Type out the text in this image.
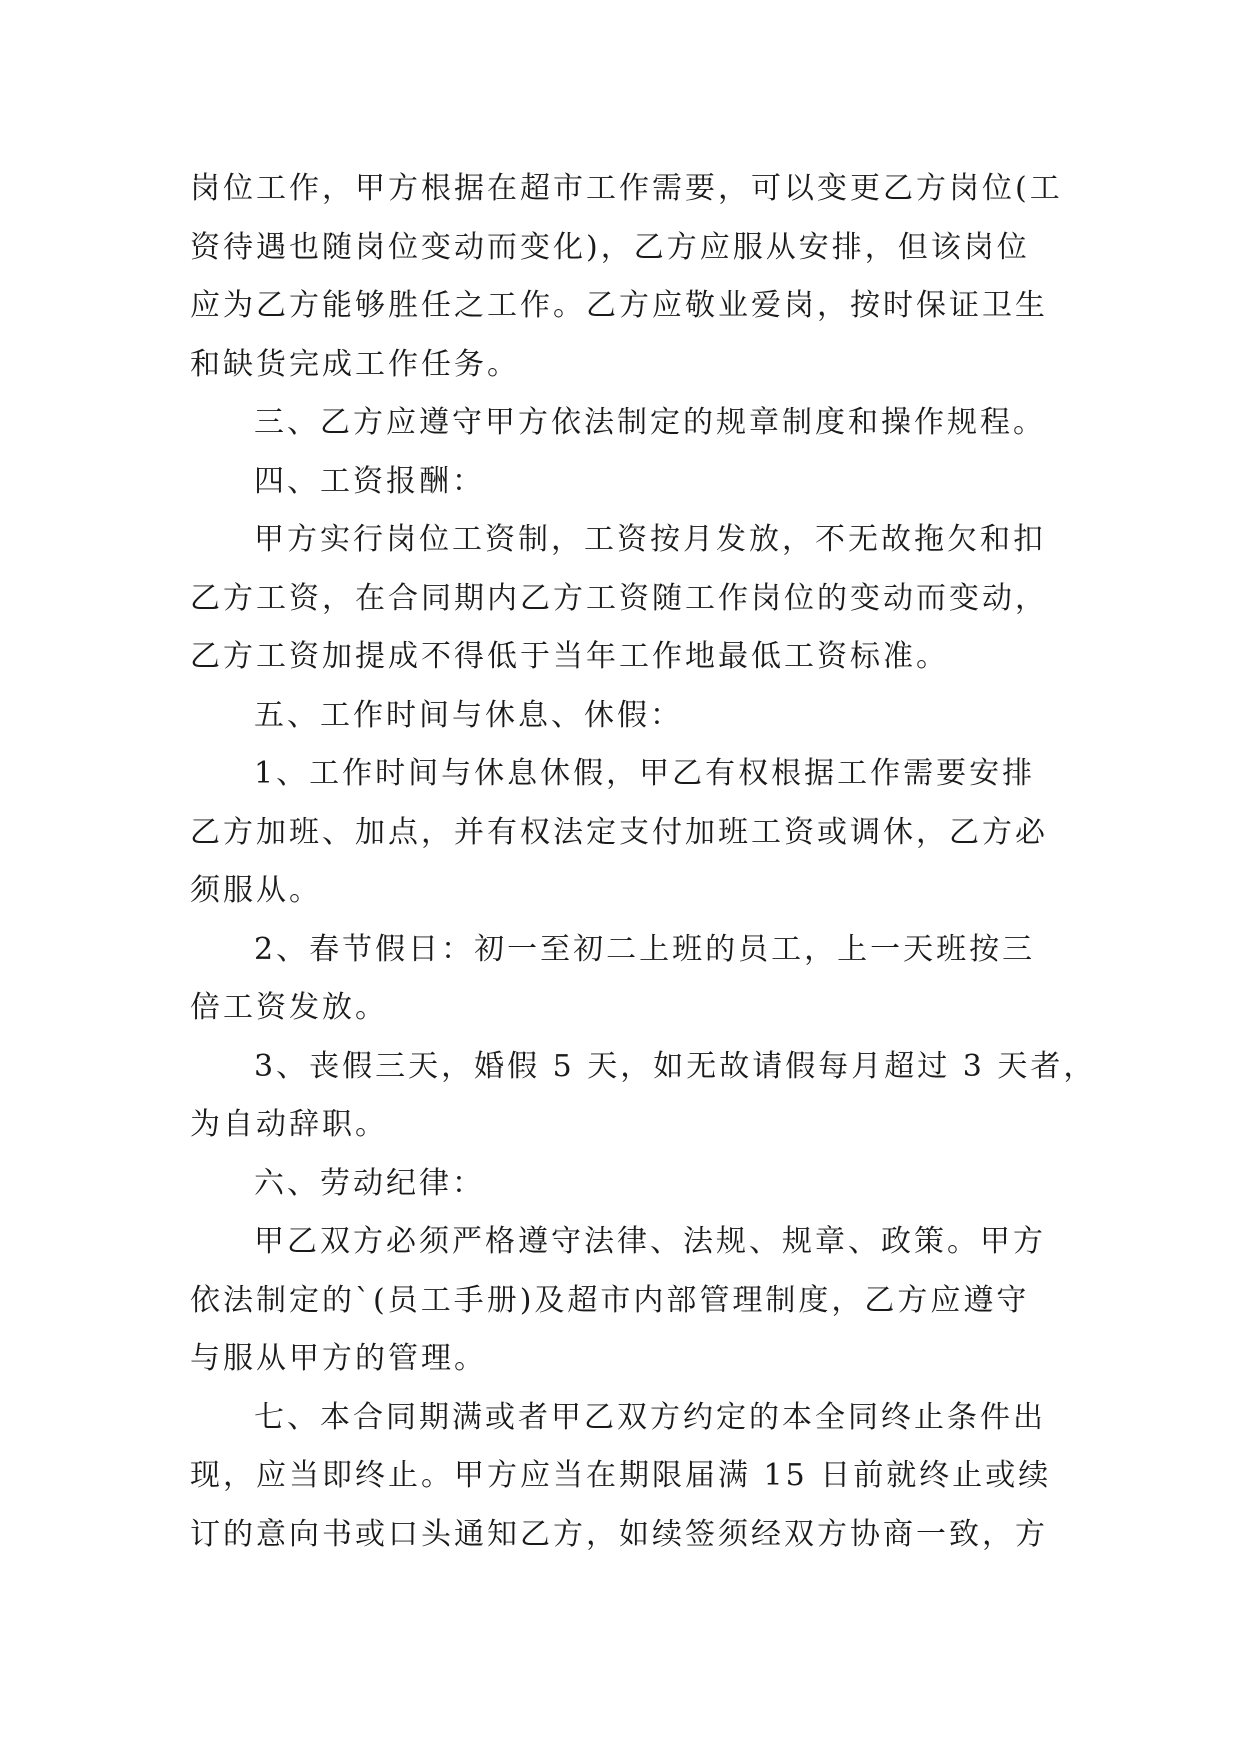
岗位工作，甲方根据在超市工作需要，可以变更乙方岗位(工
资待遇也随岗位变动而变化)，乙方应服从安排，但该岗位
应为乙方能够胜任之工作。乙方应敬业爱岗，按时保证卫生
和缺货完成工作任务。
三、乙方应遵守甲方依法制定的规章制度和操作规程。
四、工资报酬：
甲方实行岗位工资制，工资按月发放，不无故拖欠和扣
乙方工资，在合同期内乙方工资随工作岗位的变动而变动，
乙方工资加提成不得低于当年工作地最低工资标准。
五、工作时间与休息、休假：
1、工作时间与休息休假，甲乙有权根据工作需要安排
乙方加班、加点，并有权法定支付加班工资或调休，乙方必
须服从。
2、春节假日：初一至初二上班的员工，上一天班按三
倍工资发放。
3、丧假三天，婚假 5 天，如无故请假每月超过 3 天者，
为自动辞职。
六、劳动纪律：
甲乙双方必须严格遵守法律、法规、规章、政策。甲方
依法制定的`(员工手册)及超市内部管理制度，乙方应遵守
与服从甲方的管理。
七、本合同期满或者甲乙双方约定的本全同终止条件出
现，应当即终止。甲方应当在期限届满 15 日前就终止或续
订的意向书或口头通知乙方，如续签须经双方协商一致，方
